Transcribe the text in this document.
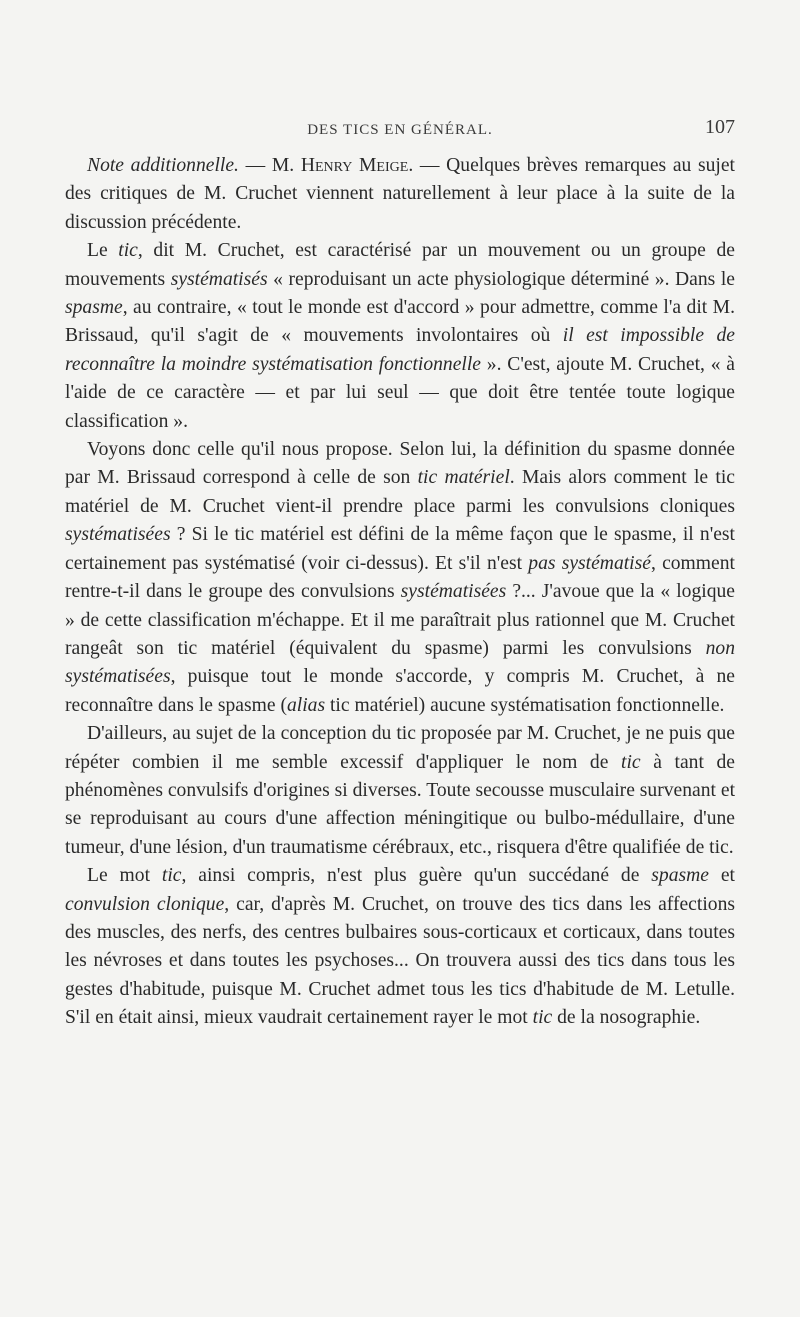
DES TICS EN GÉNÉRAL.	107

Note additionnelle. — M. Henry Meige. — Quelques brèves remarques au sujet des critiques de M. Cruchet viennent naturellement à leur place à la suite de la discussion précédente.

Le tic, dit M. Cruchet, est caractérisé par un mouvement ou un groupe de mouvements systématisés « reproduisant un acte physiologique déterminé ». Dans le spasme, au contraire, « tout le monde est d'accord » pour admettre, comme l'a dit M. Brissaud, qu'il s'agit de « mouvements involontaires où il est impossible de reconnaître la moindre systématisation fonctionnelle ». C'est, ajoute M. Cruchet, « à l'aide de ce caractère — et par lui seul — que doit être tentée toute logique classification ».

Voyons donc celle qu'il nous propose. Selon lui, la définition du spasme donnée par M. Brissaud correspond à celle de son tic matériel. Mais alors comment le tic matériel de M. Cruchet vient-il prendre place parmi les convulsions cloniques systématisées ? Si le tic matériel est défini de la même façon que le spasme, il n'est certainement pas systématisé (voir ci-dessus). Et s'il n'est pas systématisé, comment rentre-t-il dans le groupe des convulsions systématisées ?... J'avoue que la « logique » de cette classification m'échappe. Et il me paraîtrait plus rationnel que M. Cruchet rangeât son tic matériel (équivalent du spasme) parmi les convulsions non systématisées, puisque tout le monde s'accorde, y compris M. Cruchet, à ne reconnaître dans le spasme (alias tic matériel) aucune systématisation fonctionnelle.

D'ailleurs, au sujet de la conception du tic proposée par M. Cruchet, je ne puis que répéter combien il me semble excessif d'appliquer le nom de tic à tant de phénomènes convulsifs d'origines si diverses. Toute secousse musculaire survenant et se reproduisant au cours d'une affection méningitique ou bulbo-médullaire, d'une tumeur, d'une lésion, d'un traumatisme cérébraux, etc., risquera d'être qualifiée de tic.

Le mot tic, ainsi compris, n'est plus guère qu'un succédané de spasme et convulsion clonique, car, d'après M. Cruchet, on trouve des tics dans les affections des muscles, des nerfs, des centres bulbaires sous-corticaux et corticaux, dans toutes les névroses et dans toutes les psychoses... On trouvera aussi des tics dans tous les gestes d'habitude, puisque M. Cruchet admet tous les tics d'habitude de M. Letulle. S'il en était ainsi, mieux vaudrait certainement rayer le mot tic de la nosographie.
